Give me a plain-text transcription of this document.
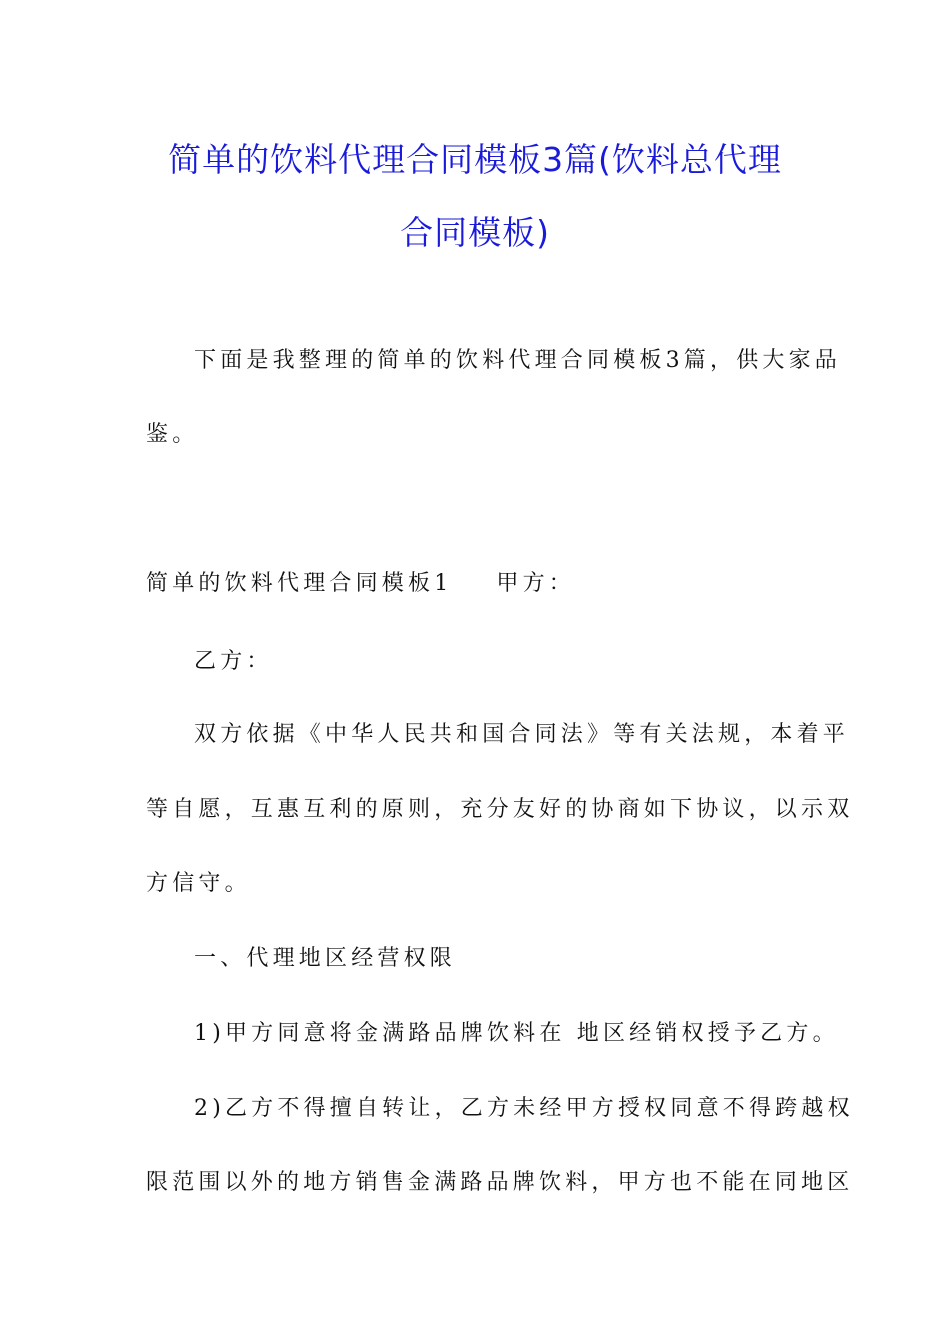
简单的饮料代理合同模板3篇(饮料总代理
合同模板)
下面是我整理的简单的饮料代理合同模板3篇，供大家品
鉴。
简单的饮料代理合同模板1 甲方：
乙方：
双方依据《中华人民共和国合同法》等有关法规，本着平
等自愿，互惠互利的原则，充分友好的协商如下协议，以示双
方信守。
一、代理地区经营权限
1)甲方同意将金满路品牌饮料在 地区经销权授予乙方。
2)乙方不得擅自转让，乙方未经甲方授权同意不得跨越权
限范围以外的地方销售金满路品牌饮料，甲方也不能在同地区
